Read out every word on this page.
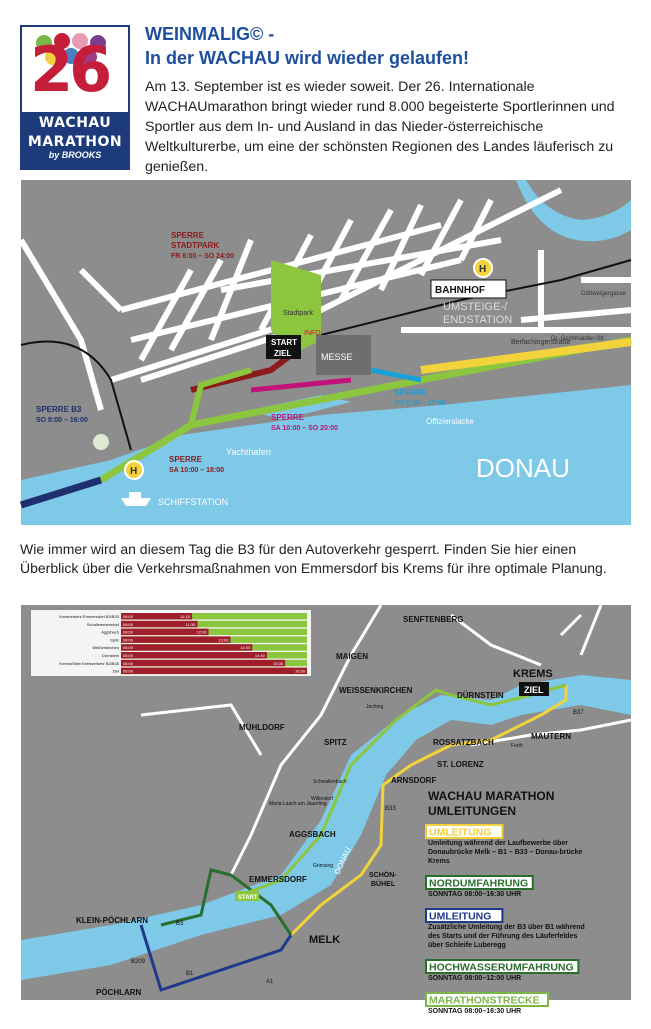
26
WACHAU
MARATHON
by BROOKS
WEINMALIG© -
In der WACHAU wird wieder gelaufen!
Am 13. September ist es wieder soweit. Der 26. Internationale WACHAUmarathon bringt wieder rund 8.000 begeisterte Sportlerinnen und Sportler aus dem In- und Ausland in das Nieder-österreichische Weltkulturerbe, um eine der schönsten Regionen des Landes läuferisch zu genießen.
Stadtpark
MESSE
START
ZIEL
INFO
H
H
BAHNHOF
UMSTEIGE-/
ENDSTATION
SPERRE
STADTPARK
FR 6:00 – SO 24:00
SPERRE B3
SO 8:00 – 16:00
SPERRE
SA 10:00 – 18:00
SPERRE
SA 10:00 – SO 20:00
SPERRE
SO 6:00 – 17:00
DONAU
SCHIFFSTATION
Yachthafen
Offizierslacke
Berfachingerstraße
Dr.-Gschmaidler-Str.
Göttweigergasse
Wie immer wird an diesem Tag die B3 für den Autoverkehr gesperrt. Finden Sie hier einen Überblick über die Verkehrsmaßnahmen von Emmersdorf bis Krems für ihre optimale Planung.
Kreisverkehr Emmersdorf B3/B33 08:00	11:15
Schallemmersdorf 08:00	11:30
Aggsbach 08:00	12:00
Spitz 08:00	13:00
Weißenkirchen 08:00	14:00
Dürnstein 08:00	14:40
Krems/Stein Kreisverkehr B3/B35 08:00	15:30
Ziel 08:00	16:30
SENFTENBERG
MAIGEN
KREMS
ZIEL
WEISSENKIRCHEN
DÜRNSTEIN
MÜHLDORF
Joching
SPITZ	ROSSATZBACH
MAUTERN
Furth
ST. LORENZ
ARNSDORF
Schwallenbach
Willendorf
Maria Laach am Jauerling
AGGSBACH
Grimsing
EMMERSDORF
START
SCHÖN-
BÜHEL
DONAU
KLEIN-PÖCHLARN
MELK
PÖCHLARN
B3
B33
B37
B209
B1
A1
WACHAU MARATHON
UMLEITUNGEN
UMLEITUNG
Umleitung während der Laufbewerbe über
Donaubrücke Melk – B1 – B33 – Donau-brücke
Krems
NORDUMFAHRUNG
SONNTAG 08:00–16:30 UHR
UMLEITUNG
Zusätzliche Umleitung der B3 über B1 während
des Starts und der Führung des Läuferfeldes
über Schleife Luberegg
HOCHWASSERUMFAHRUNG
SONNTAG 08:00–12:00 UHR
MARATHONSTRECKE
SONNTAG 08:00–16:30 UHR
